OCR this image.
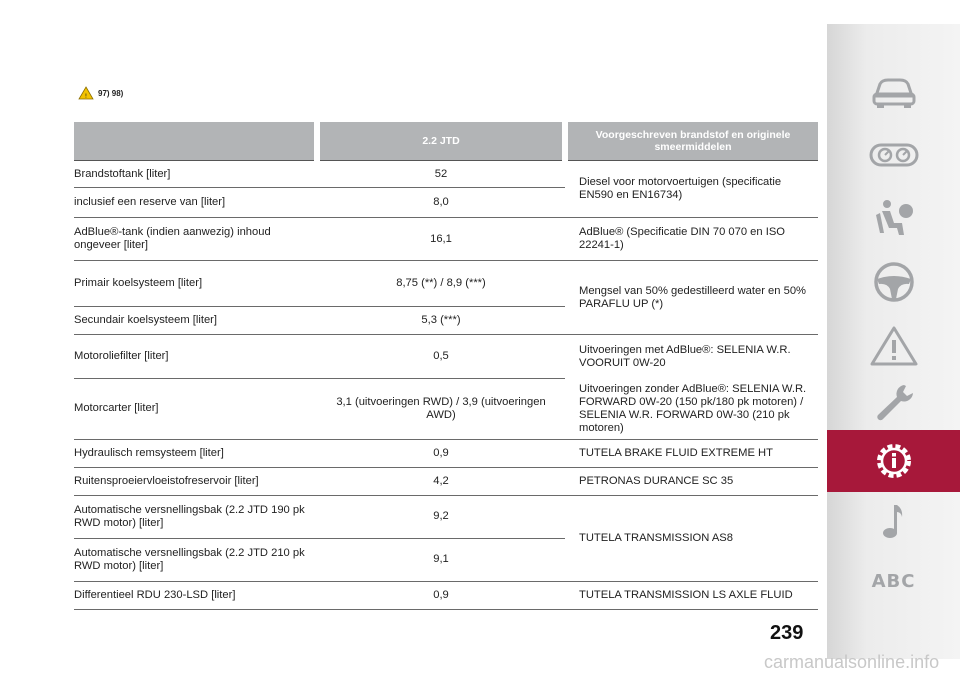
! 97) 98)
	2.2 JTD	Voorgeschreven brandstof en originele smeermiddelen
Brandstoftank [liter]	52	Diesel voor motorvoertuigen (specificatie EN590 en EN16734)
inclusief een reserve van [liter]	8,0	
AdBlue®-tank (indien aanwezig) inhoud ongeveer [liter]	16,1	AdBlue® (Specificatie DIN 70 070 en ISO 22241-1)
Primair koelsysteem [liter]	8,75 (**) / 8,9 (***)	Mengsel van 50% gedestilleerd water en 50% PARAFLU UP (*)
Secundair koelsysteem [liter]	5,3 (***)	
Motoroliefilter [liter]	0,5	Uitvoeringen met AdBlue®: SELENIA W.R. VOORUIT 0W-20
Motorcarter [liter]	3,1 (uitvoeringen RWD) / 3,9 (uitvoeringen AWD)	Uitvoeringen zonder AdBlue®: SELENIA W.R. FORWARD 0W-20 (150 pk/180 pk motoren) / SELENIA W.R. FORWARD 0W-30 (210 pk motoren)
Hydraulisch remsysteem [liter]	0,9	TUTELA BRAKE FLUID EXTREME HT
Ruitensproeiervloeistofreservoir [liter]	4,2	PETRONAS DURANCE SC 35
Automatische versnellingsbak (2.2 JTD 190 pk RWD motor) [liter]	9,2	TUTELA TRANSMISSION AS8
Automatische versnellingsbak (2.2 JTD 210 pk RWD motor) [liter]	9,1	
Differentieel RDU 230-LSD [liter]	0,9	TUTELA TRANSMISSION LS AXLE FLUID
ABC
239
carmanualsonline.info
